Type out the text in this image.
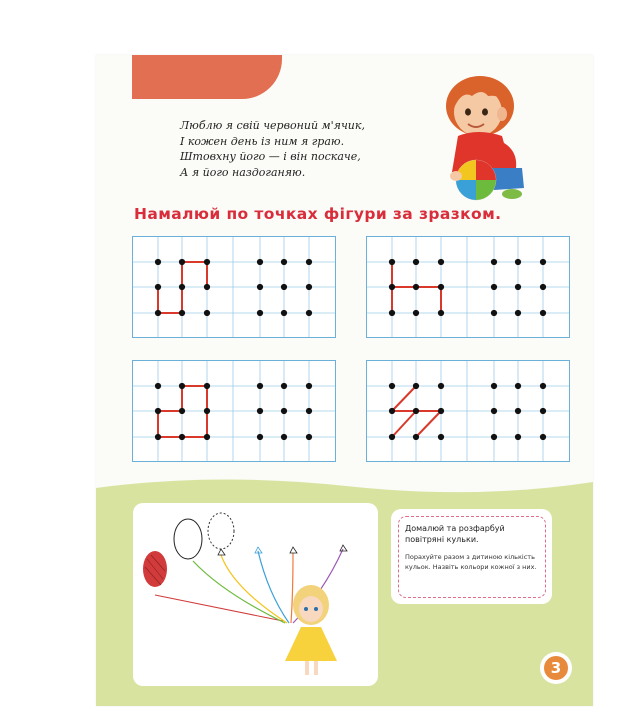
Що це? М'яч!
Люблю я свій червоний м'ячик,
І кожен день із ним я граю.
Штовхну його — і він поскаче,
А я його наздоганяю.
Намалюй по точках фігури за зразком.
Домалюй та розфарбуй повітряні кульки.
Порахуйте разом з дитиною кількість кульок. Назвіть кольори кожної з них.
3
